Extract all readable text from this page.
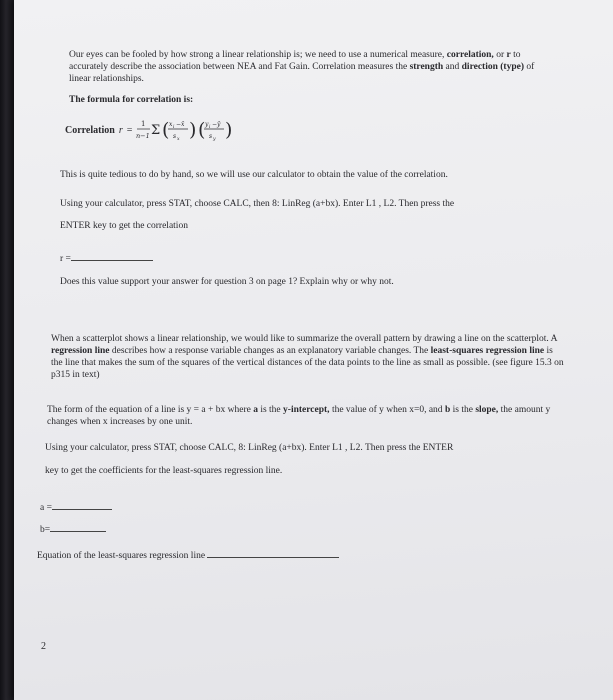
Our eyes can be fooled by how strong a linear relationship is; we need to use a numerical measure, correlation, or r to accurately describe the association between NEA and Fat Gain. Correlation measures the strength and direction (type) of linear relationships.
The formula for correlation is:
Correlation r =
1
n−1 Σ ( x i − x̄
s x ) ( y i − ȳ
s y )
This is quite tedious to do by hand, so we will use our calculator to obtain the value of the correlation.
Using your calculator, press STAT, choose CALC, then 8: LinReg (a+bx). Enter L1 , L2. Then press the
ENTER key to get the correlation
r =
Does this value support your answer for question 3 on page 1? Explain why or why not.
When a scatterplot shows a linear relationship, we would like to summarize the overall pattern by drawing a line on the scatterplot. A regression line describes how a response variable changes as an explanatory variable changes. The least-squares regression line is the line that makes the sum of the squares of the vertical distances of the data points to the line as small as possible. (see figure 15.3 on p315 in text)
The form of the equation of a line is y = a + bx where a is the y-intercept, the value of y when x=0, and b is the slope, the amount y changes when x increases by one unit.
Using your calculator, press STAT, choose CALC, 8: LinReg (a+bx). Enter L1 , L2. Then press the ENTER
key to get the coefficients for the least-squares regression line.
a =
b=
Equation of the least-squares regression line
2
